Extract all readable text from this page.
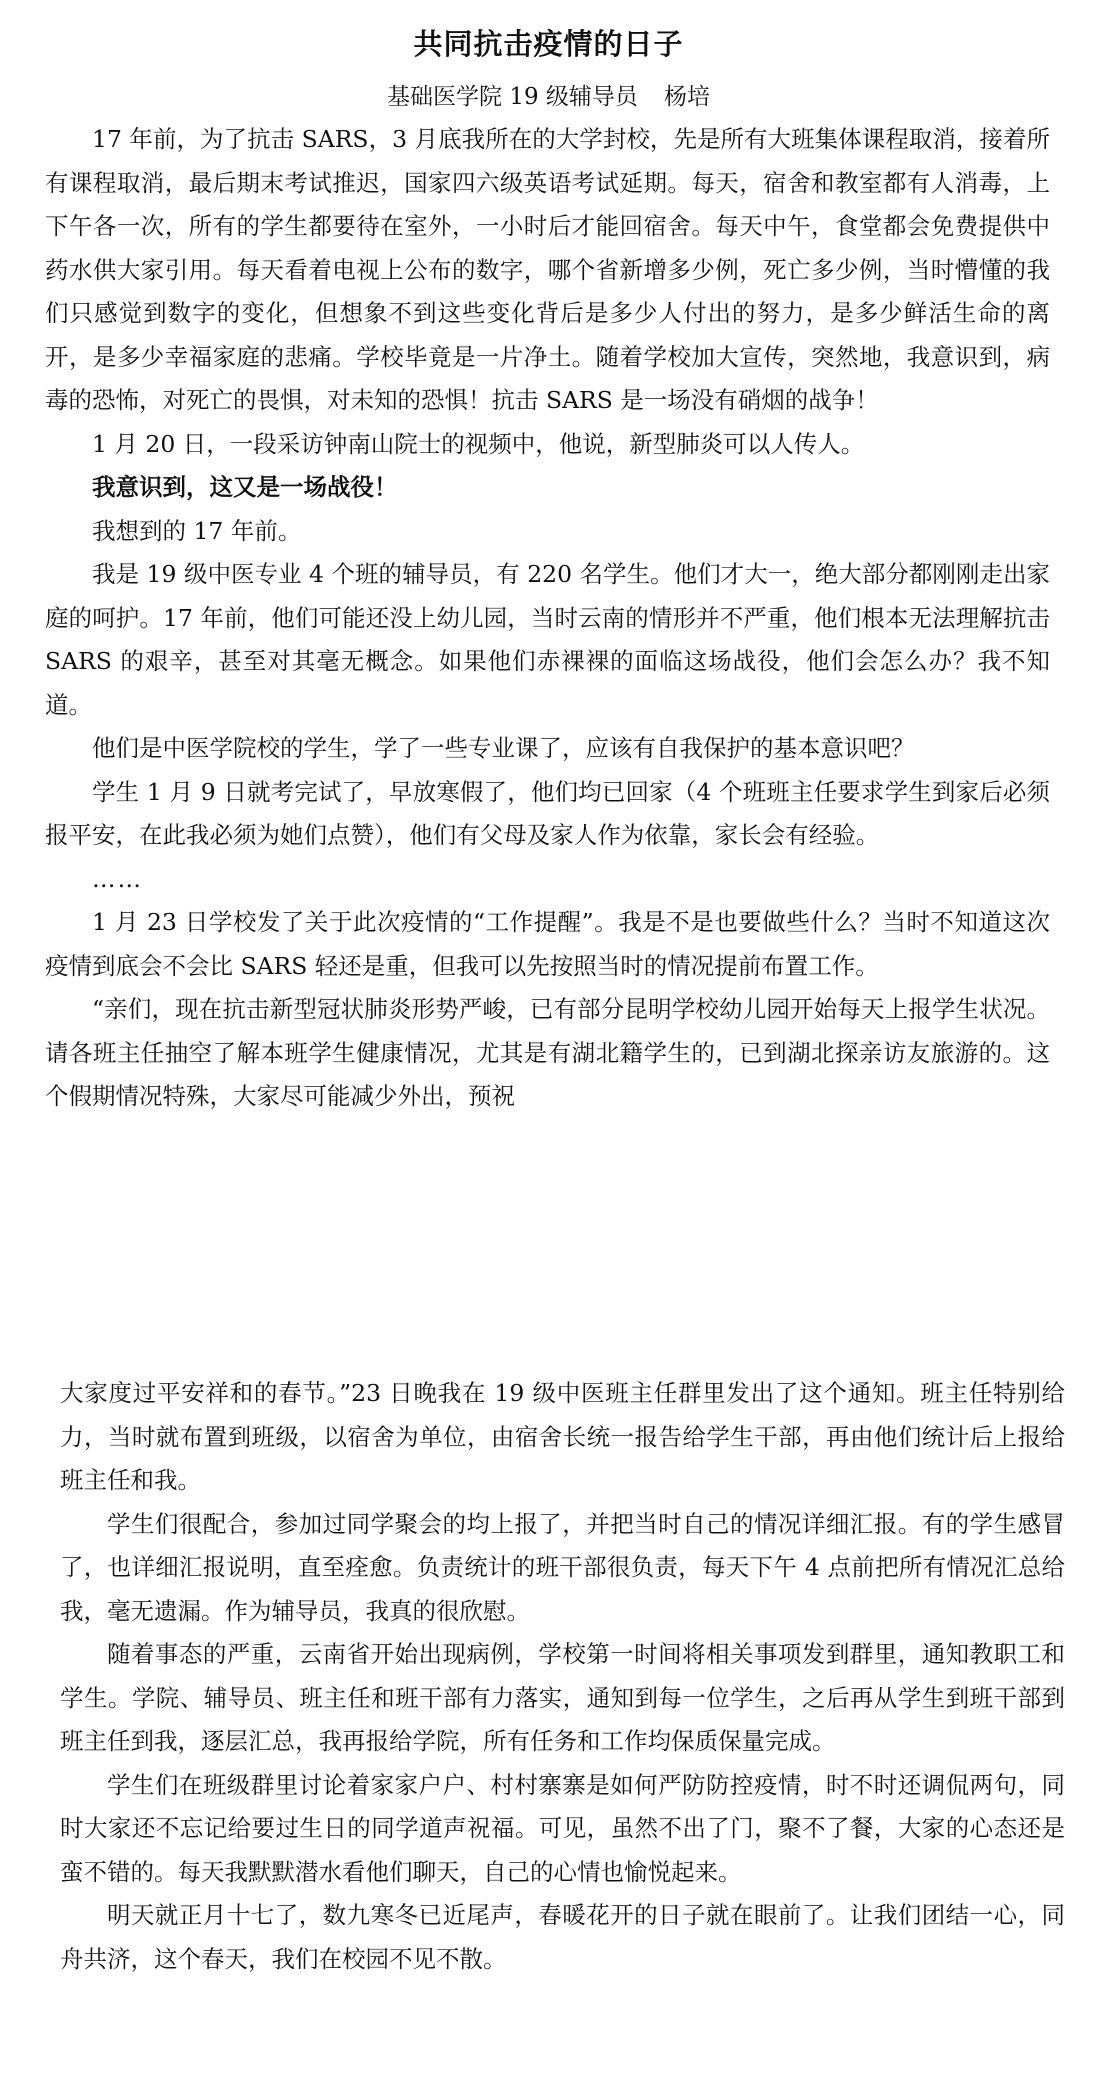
共同抗击疫情的日子
基础医学院 19 级辅导员 杨培

17 年前，为了抗击 SARS，3 月底我所在的大学封校，先是所有大班集体课程取消，接着所有课程取消，最后期末考试推迟，国家四六级英语考试延期。每天，宿舍和教室都有人消毒，上下午各一次，所有的学生都要待在室外，一小时后才能回宿舍。每天中午，食堂都会免费提供中药水供大家引用。每天看着电视上公布的数字，哪个省新增多少例，死亡多少例，当时懵懂的我们只感觉到数字的变化，但想象不到这些变化背后是多少人付出的努力，是多少鲜活生命的离开，是多少幸福家庭的悲痛。学校毕竟是一片净土。随着学校加大宣传，突然地，我意识到，病毒的恐怖，对死亡的畏惧，对未知的恐惧！抗击 SARS 是一场没有硝烟的战争！

1 月 20 日，一段采访钟南山院士的视频中，他说，新型肺炎可以人传人。

我意识到，这又是一场战役！

我想到的 17 年前。

我是 19 级中医专业 4 个班的辅导员，有 220 名学生。他们才大一，绝大部分都刚刚走出家庭的呵护。17 年前，他们可能还没上幼儿园，当时云南的情形并不严重，他们根本无法理解抗击 SARS 的艰辛，甚至对其毫无概念。如果他们赤裸裸的面临这场战役，他们会怎么办？我不知道。

他们是中医学院校的学生，学了一些专业课了，应该有自我保护的基本意识吧？

学生 1 月 9 日就考完试了，早放寒假了，他们均已回家（4 个班班主任要求学生到家后必须报平安，在此我必须为她们点赞），他们有父母及家人作为依靠，家长会有经验。

……

1 月 23 日学校发了关于此次疫情的“工作提醒”。我是不是也要做些什么？当时不知道这次疫情到底会不会比 SARS 轻还是重，但我可以先按照当时的情况提前布置工作。

“亲们，现在抗击新型冠状肺炎形势严峻，已有部分昆明学校幼儿园开始每天上报学生状况。请各班主任抽空了解本班学生健康情况，尤其是有湖北籍学生的，已到湖北探亲访友旅游的。这个假期情况特殊，大家尽可能减少外出，预祝

大家度过平安祥和的春节。”23 日晚我在 19 级中医班主任群里发出了这个通知。班主任特别给力，当时就布置到班级，以宿舍为单位，由宿舍长统一报告给学生干部，再由他们统计后上报给班主任和我。

学生们很配合，参加过同学聚会的均上报了，并把当时自己的情况详细汇报。有的学生感冒了，也详细汇报说明，直至痊愈。负责统计的班干部很负责，每天下午 4 点前把所有情况汇总给我，毫无遗漏。作为辅导员，我真的很欣慰。

随着事态的严重，云南省开始出现病例，学校第一时间将相关事项发到群里，通知教职工和学生。学院、辅导员、班主任和班干部有力落实，通知到每一位学生，之后再从学生到班干部到班主任到我，逐层汇总，我再报给学院，所有任务和工作均保质保量完成。

学生们在班级群里讨论着家家户户、村村寨寨是如何严防防控疫情，时不时还调侃两句，同时大家还不忘记给要过生日的同学道声祝福。可见，虽然不出了门，聚不了餐，大家的心态还是蛮不错的。每天我默默潜水看他们聊天，自己的心情也愉悦起来。

明天就正月十七了，数九寒冬已近尾声，春暖花开的日子就在眼前了。让我们团结一心，同舟共济，这个春天，我们在校园不见不散。
